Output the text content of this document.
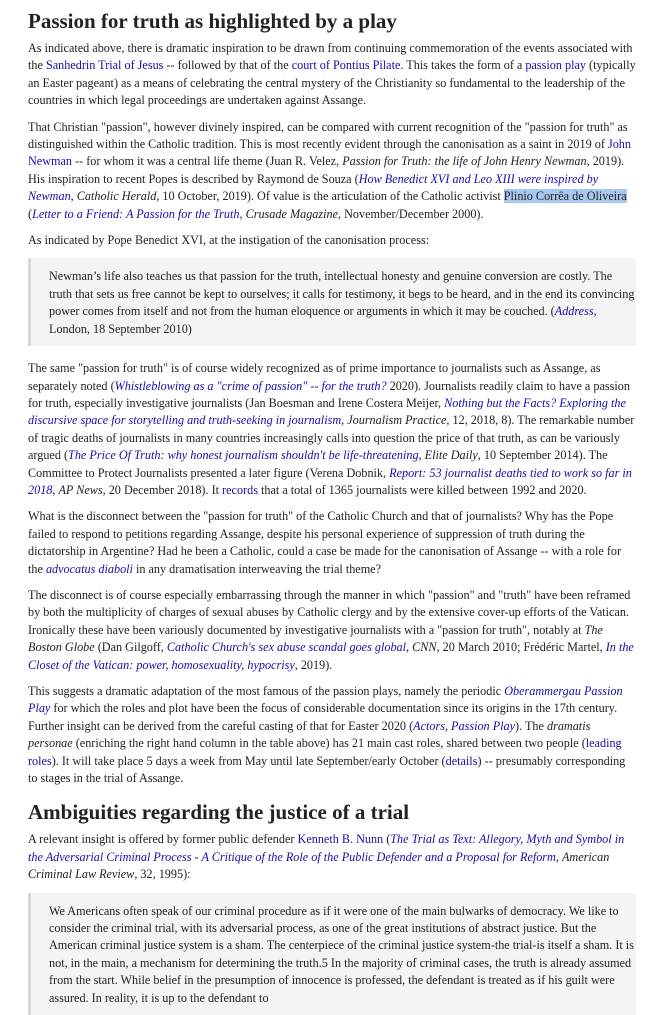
Passion for truth as highlighted by a play

As indicated above, there is dramatic inspiration to be drawn from continuing commemoration of the events associated with the Sanhedrin Trial of Jesus -- followed by that of the court of Pontius Pilate. This takes the form of a passion play (typically an Easter pageant) as a means of celebrating the central mystery of the Christianity so fundamental to the leadership of the countries in which legal proceedings are undertaken against Assange.

That Christian "passion", however divinely inspired, can be compared with current recognition of the "passion for truth" as distinguished within the Catholic tradition. This is most recently evident through the canonisation as a saint in 2019 of John Newman -- for whom it was a central life theme (Juan R. Velez, Passion for Truth: the life of John Henry Newman, 2019). His inspiration to recent Popes is described by Raymond de Souza (How Benedict XVI and Leo XIII were inspired by Newman, Catholic Herald, 10 October, 2019). Of value is the articulation of the Catholic activist Plinio Corrêa de Oliveira (Letter to a Friend: A Passion for the Truth, Crusade Magazine, November/December 2000).

As indicated by Pope Benedict XVI, at the instigation of the canonisation process:

Newman’s life also teaches us that passion for the truth, intellectual honesty and genuine conversion are costly. The truth that sets us free cannot be kept to ourselves; it calls for testimony, it begs to be heard, and in the end its convincing power comes from itself and not from the human eloquence or arguments in which it may be couched. (Address, London, 18 September 2010)

The same "passion for truth" is of course widely recognized as of prime importance to journalists such as Assange, as separately noted (Whistleblowing as a "crime of passion" -- for the truth? 2020). Journalists readily claim to have a passion for truth, especially investigative journalists (Jan Boesman and Irene Costera Meijer, Nothing but the Facts? Exploring the discursive space for storytelling and truth-seeking in journalism, Journalism Practice, 12, 2018, 8). The remarkable number of tragic deaths of journalists in many countries increasingly calls into question the price of that truth, as can be variously argued (The Price Of Truth: why honest journalism shouldn't be life-threatening, Elite Daily, 10 September 2014). The Committee to Protect Journalists presented a later figure (Verena Dobnik, Report: 53 journalist deaths tied to work so far in 2018, AP News, 20 December 2018). It records that a total of 1365 journalists were killed between 1992 and 2020.

What is the disconnect between the "passion for truth" of the Catholic Church and that of journalists? Why has the Pope failed to respond to petitions regarding Assange, despite his personal experience of suppression of truth during the dictatorship in Argentine? Had he been a Catholic, could a case be made for the canonisation of Assange -- with a role for the advocatus diaboli in any dramatisation interweaving the trial theme?

The disconnect is of course especially embarrassing through the manner in which "passion" and "truth" have been reframed by both the multiplicity of charges of sexual abuses by Catholic clergy and by the extensive cover-up efforts of the Vatican. Ironically these have been variously documented by investigative journalists with a "passion for truth", notably at The Boston Globe (Dan Gilgoff, Catholic Church's sex abuse scandal goes global, CNN, 20 March 2010; Frédéric Martel, In the Closet of the Vatican: power, homosexuality, hypocrisy, 2019).

This suggests a dramatic adaptation of the most famous of the passion plays, namely the periodic Oberammergau Passion Play for which the roles and plot have been the focus of considerable documentation since its origins in the 17th century. Further insight can be derived from the careful casting of that for Easter 2020 (Actors, Passion Play). The dramatis personae (enriching the right hand column in the table above) has 21 main cast roles, shared between two people (leading roles). It will take place 5 days a week from May until late September/early October (details) -- presumably corresponding to stages in the trial of Assange.

Ambiguities regarding the justice of a trial

A relevant insight is offered by former public defender Kenneth B. Nunn (The Trial as Text: Allegory, Myth and Symbol in the Adversarial Criminal Process - A Critique of the Role of the Public Defender and a Proposal for Reform, American Criminal Law Review, 32, 1995):

We Americans often speak of our criminal procedure as if it were one of the main bulwarks of democracy. We like to consider the criminal trial, with its adversarial process, as one of the great institutions of abstract justice. But the American criminal justice system is a sham. The centerpiece of the criminal justice system-the trial-is itself a sham. It is not, in the main, a mechanism for determining the truth.5 In the majority of criminal cases, the truth is already assumed from the start. While belief in the presumption of innocence is professed, the defendant is treated as if his guilt were assured. In reality, it is up to the defendant to
